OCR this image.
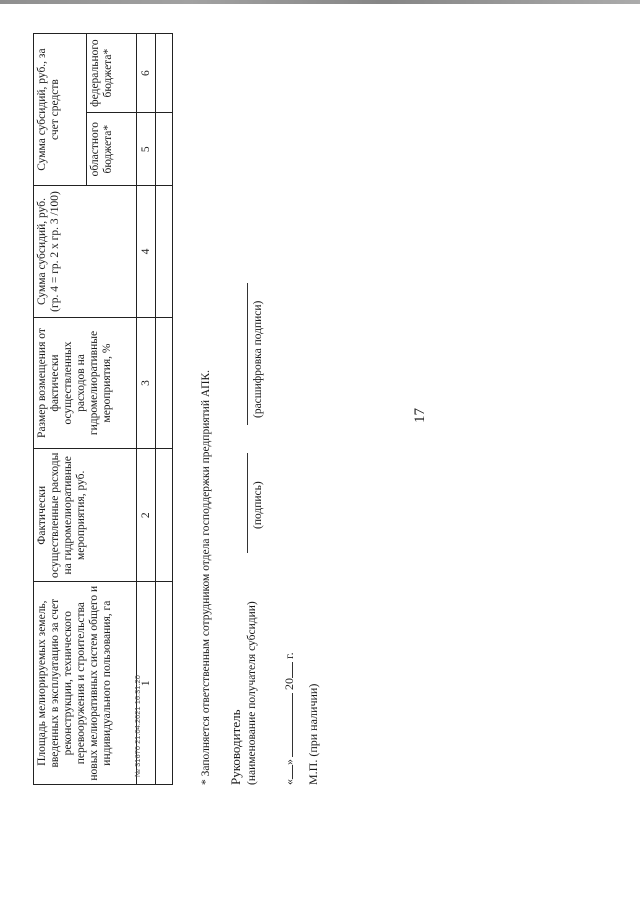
17
Площадь мелиорируемых земель, введенных в эксплуатацию за счет реконструкции, технического перевооружения и строительства новых мелиоративных систем общего и индивидуального пользования, га	Фактически осуществленные расходы на гидромелиоративные мероприятия, руб.	Размер возмещения от фактически осуществленных расходов на гидромелиоративные мероприятия, %	Сумма субсидий, руб. (гр. 4 = гр. 2 х гр. 3 /100)	Сумма субсидий, руб., за счет средств	
				областного бюджета*	федерального бюджета*
1	2	3	4	5	6

* Заполняется ответственным сотрудником отдела господдержки предприятий АПК. Руководитель (наименование получателя субсидии)
(подпись)
(расшифровка подписи)
«» 20 г.
М.П. (при наличии)
№ 31670 21.04.2021 16:31:20
